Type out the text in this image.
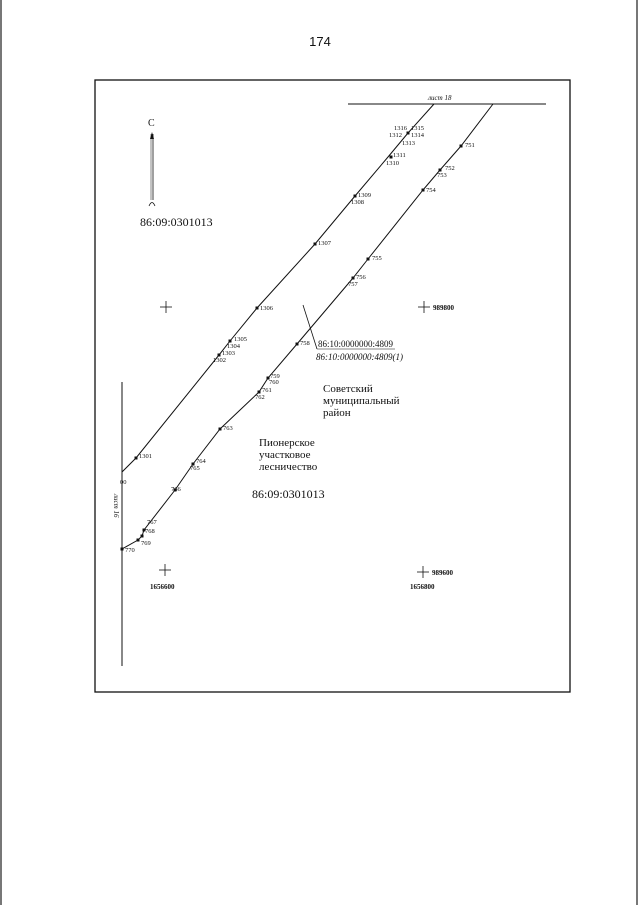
174
лист 18
лист 16
С
989800
989600
1656600	1656800
86:09:0301013
86:09:0301013
86:10:0000000:4809
86:10:0000000:4809(1)
Советский
муниципальный
район
Пионерское
участковое
лесничество
1316 1315
1314
1313
1312
1311
1310
1309
1308
1307
1306
1305
1304
1303
1302
1301
00
751
752
753
754
755
756
757
758
759
760
761
762
763
764
765
766
767
768
769
770
